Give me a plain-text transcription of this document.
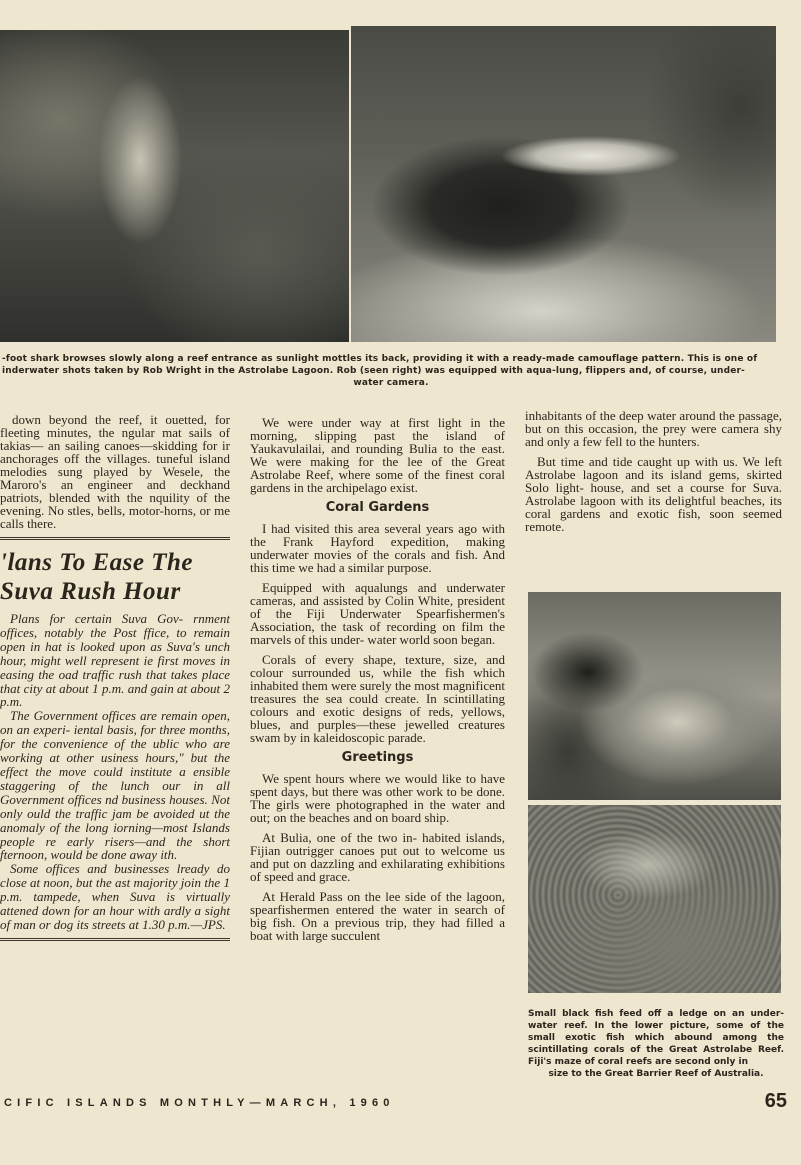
‑foot shark browses slowly along a reef entrance as sunlight mottles its back, providing it with a ready-made camouflage pattern. This is one of
inderwater shots taken by Rob Wright in the Astrolabe Lagoon. Rob (seen right) was equipped with aqua-lung, flippers and, of course, under-
water camera.

down beyond the reef, it ouetted, for fleeting minutes, the ngular mat sails of takias— an sailing canoes—skidding for ir anchorages off the villages. tuneful island melodies sung played by Wesele, the Maroro's an engineer and deckhand patriots, blended with the nquility of the evening. No stles, bells, motor-horns, or me calls there.

'lans To Ease The
Suva Rush Hour

Plans for certain Suva Gov- rnment offices, notably the Post ffice, to remain open in hat is looked upon as Suva's unch hour, might well represent ie first moves in easing the oad traffic rush that takes place that city at about 1 p.m. and gain at about 2 p.m.

The Government offices are remain open, on an experi- iental basis, for three months, for the convenience of the ublic who are working at other usiness hours," but the effect the move could institute a ensible staggering of the lunch our in all Government offices nd business houses. Not only ould the traffic jam be avoided ut the anomaly of the long iorning—most Islands people re early risers—and the short fternoon, would be done away ith.

Some offices and businesses lready do close at noon, but the ast majority join the 1 p.m. tampede, when Suva is virtually attened down for an hour with ardly a sight of man or dog its streets at 1.30 p.m.—JPS.

We were under way at first light in the morning, slipping past the island of Yaukavulailai, and rounding Bulia to the east. We were making for the lee of the Great Astrolabe Reef, where some of the finest coral gardens in the archipelago exist.

Coral Gardens

I had visited this area several years ago with the Frank Hayford expedition, making underwater movies of the corals and fish. And this time we had a similar purpose.

Equipped with aqualungs and underwater cameras, and assisted by Colin White, president of the Fiji Underwater Spearfishermen's Association, the task of recording on film the marvels of this under- water world soon began.

Corals of every shape, texture, size, and colour surrounded us, while the fish which inhabited them were surely the most magnificent treasures the sea could create. In scintillating colours and exotic designs of reds, yellows, blues, and purples—these jewelled creatures swam by in kaleidoscopic parade.

Greetings

We spent hours where we would like to have spent days, but there was other work to be done. The girls were photographed in the water and out; on the beaches and on board ship.

At Bulia, one of the two in- habited islands, Fijian outrigger canoes put out to welcome us and put on dazzling and exhilarating exhibitions of speed and grace.

At Herald Pass on the lee side of the lagoon, spearfishermen entered the water in search of big fish. On a previous trip, they had filled a boat with large succulent

inhabitants of the deep water around the passage, but on this occasion, the prey were camera shy and only a few fell to the hunters.

But time and tide caught up with us. We left Astrolabe lagoon and its island gems, skirted Solo light- house, and set a course for Suva. Astrolabe lagoon with its delightful beaches, its coral gardens and exotic fish, soon seemed remote.

Small black fish feed off a ledge on an under- water reef. In the lower picture, some of the small exotic fish which abound among the scintillating corals of the Great Astrolabe Reef. Fiji's maze of coral reefs are second only in
size to the Great Barrier Reef of Australia.
CIFIC ISLANDS MONTHLY—MARCH, 1960	65
